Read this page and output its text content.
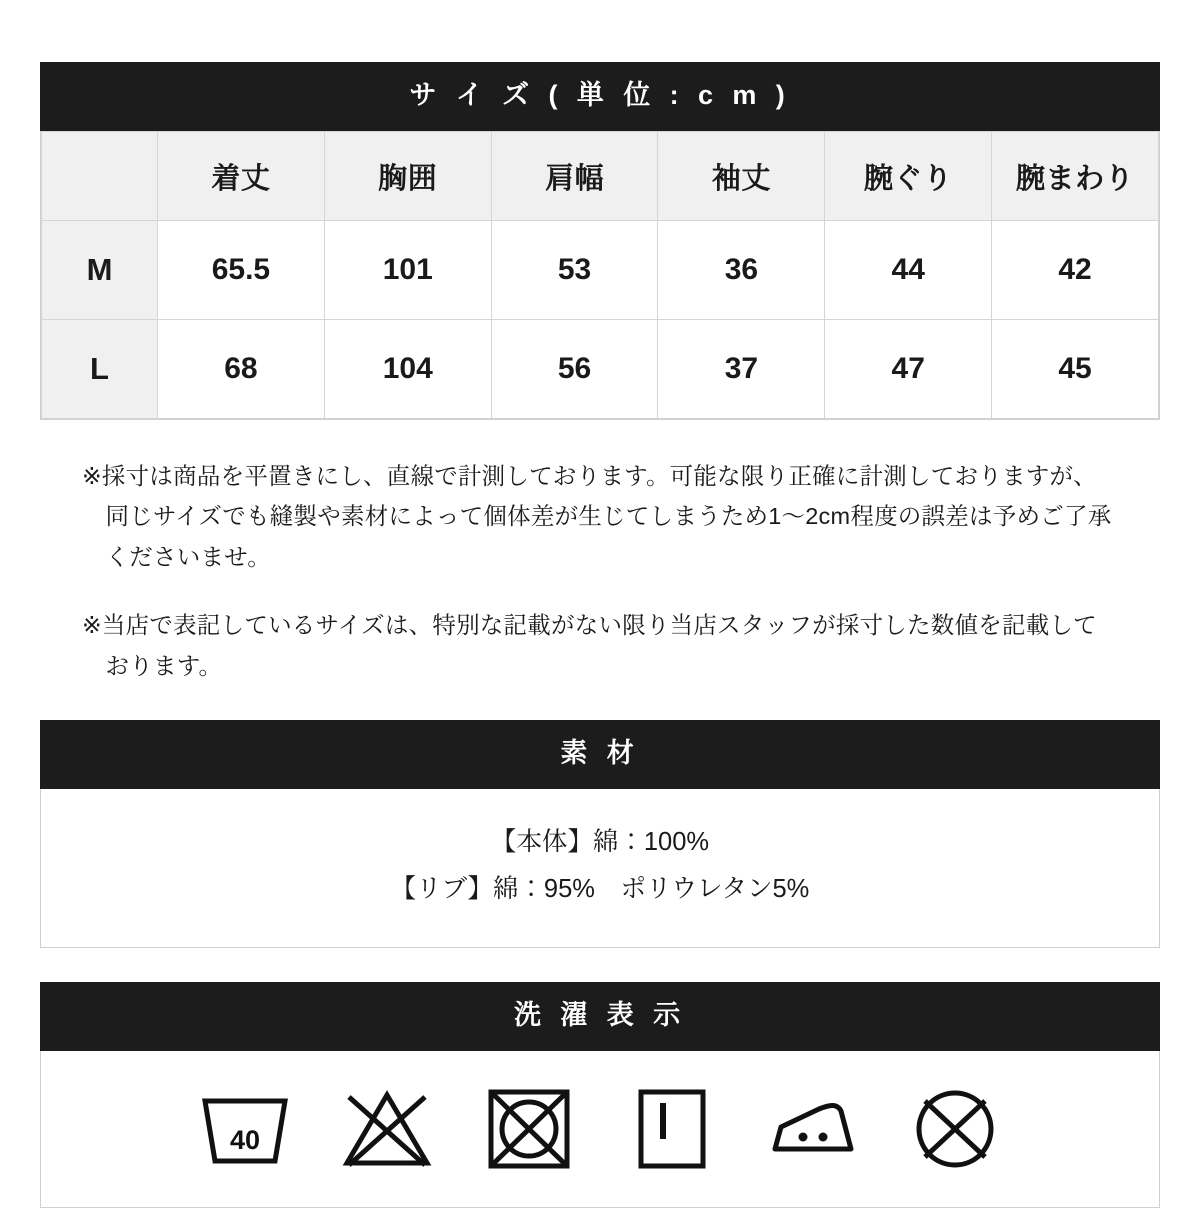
サ イ ズ ( 単 位 : c m )
	着丈	胸囲	肩幅	袖丈	腕ぐり	腕まわり
M	65.5	101	53	36	44	42
L	68	104	56	37	47	45

※採寸は商品を平置きにし、直線で計測しております。可能な限り正確に計測しておりますが、同じサイズでも縫製や素材によって個体差が生じてしまうため1〜2cm程度の誤差は予めご了承くださいませ。

※当店で表記しているサイズは、特別な記載がない限り当店スタッフが採寸した数値を記載しております。

素 材
【本体】綿：100%
【リブ】綿：95%　ポリウレタン5%
洗 濯 表 示
40
